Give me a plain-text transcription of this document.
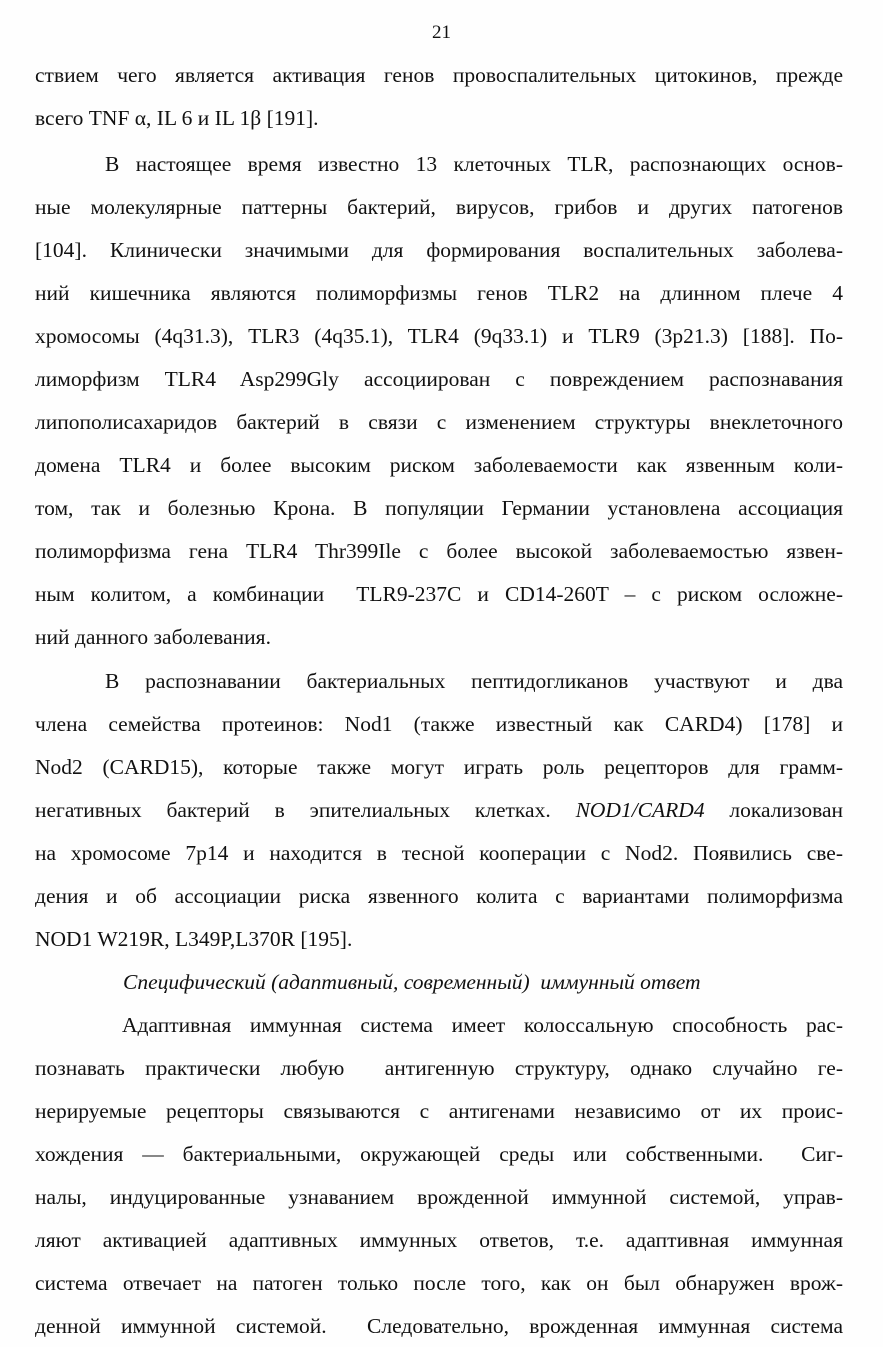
21
ствием чего является активация генов провоспалительных цитокинов, прежде
всего TNF α, IL 6 и IL 1β [191].
В настоящее время известно 13 клеточных TLR, распознающих основ-
ные молекулярные паттерны бактерий, вирусов, грибов и других патогенов
[104]. Клинически значимыми для формирования воспалительных заболева-
ний кишечника являются полиморфизмы генов TLR2 на длинном плече 4
хромосомы (4q31.3), TLR3 (4q35.1), TLR4 (9q33.1) и TLR9 (3p21.3) [188]. По-
лиморфизм TLR4 Asp299Gly ассоциирован с повреждением распознавания
липополисахаридов бактерий в связи с изменением структуры внеклеточного
домена TLR4 и более высоким риском заболеваемости как язвенным коли-
том, так и болезнью Крона. В популяции Германии установлена ассоциация
полиморфизма гена TLR4 Thr399Ile с более высокой заболеваемостью язвен-
ным колитом, а комбинации  TLR9-237C и CD14-260T – с риском осложне-
ний данного заболевания.
В распознавании бактериальных пептидогликанов участвуют и два
члена семейства протеинов: Nod1 (также известный как CARD4) [178] и
Nod2 (CARD15), которые также могут играть роль рецепторов для грамм-
негативных бактерий в эпителиальных клетках. NOD1/CARD4 локализован
на хромосоме 7p14 и находится в тесной кооперации с Nod2. Появились све-
дения и об ассоциации риска язвенного колита с вариантами полиморфизма
NOD1 W219R, L349P,L370R [195].
Специфический (адаптивный, современный)  иммунный ответ
Адаптивная иммунная система имеет колоссальную способность рас-
познавать практически любую  антигенную структуру, однако случайно ге-
нерируемые рецепторы связываются с антигенами независимо от их проис-
хождения — бактериальными, окружающей среды или собственными.  Сиг-
налы, индуцированные узнаванием врожденной иммунной системой, управ-
ляют активацией адаптивных иммунных ответов, т.е. адаптивная иммунная
система отвечает на патоген только после того, как он был обнаружен врож-
денной иммунной системой.  Следовательно, врожденная иммунная система
